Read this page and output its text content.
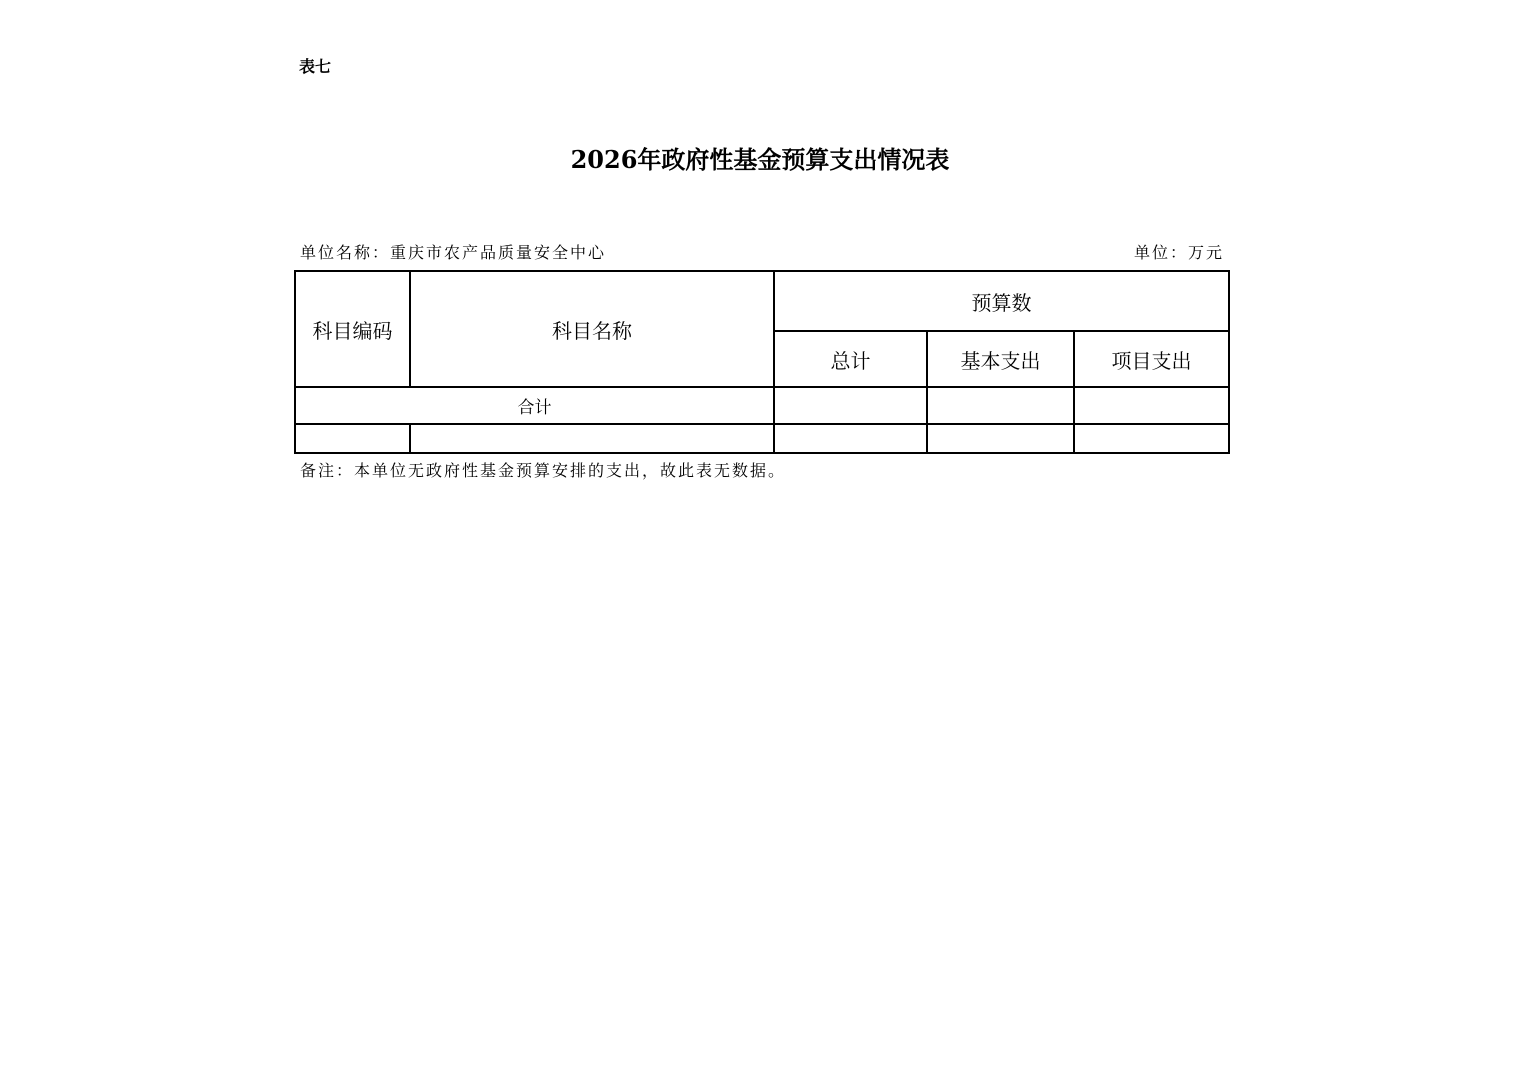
表七
2026年政府性基金预算支出情况表
单位名称：重庆市农产品质量安全中心	单位：万元
科目编码	科目名称	预算数		
		总计	基本支出	项目支出
合计				

备注：本单位无政府性基金预算安排的支出，故此表无数据。
